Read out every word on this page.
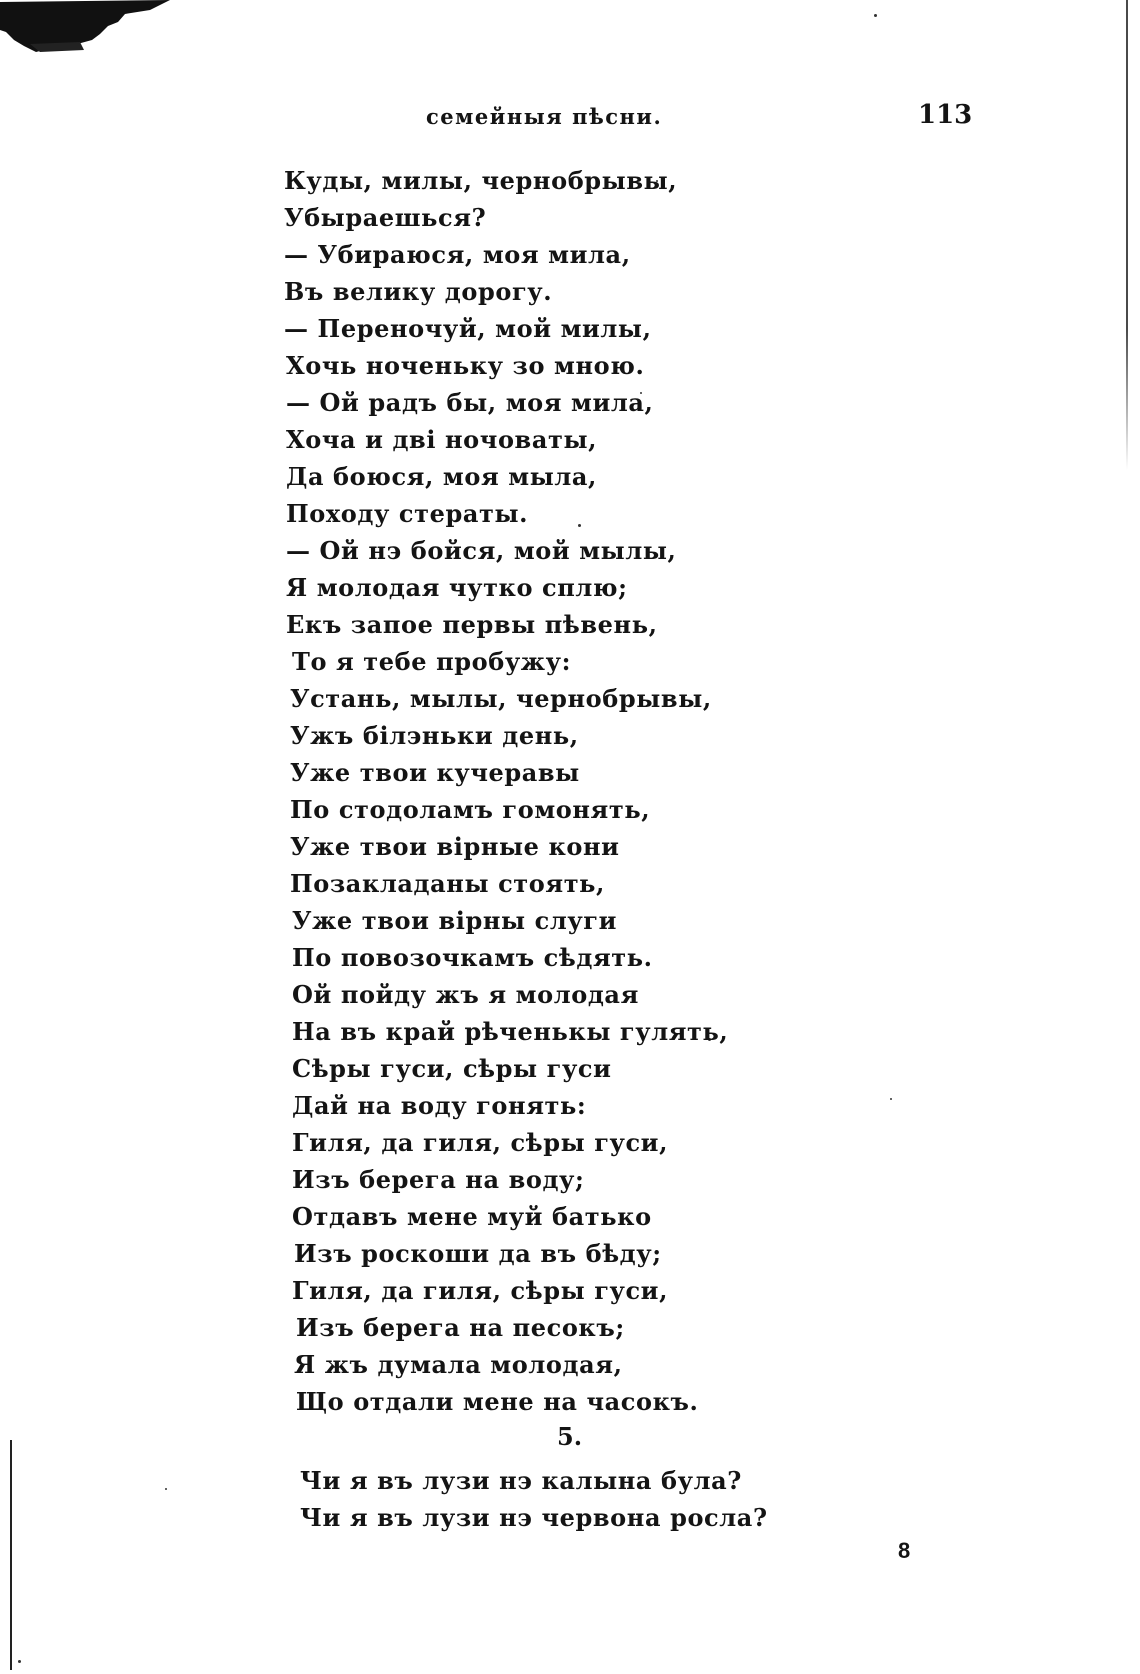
семейныя пѣсни.	113
Куды, милы, чернобрывы,
Убыраешься?
— Убираюся, моя мила,
Въ велику дорогу.
— Переночуй, мой милы,
Хочь ноченьку зо мною.
— Ой радъ бы, моя мила,
Хоча и дві ночоваты,
Да боюся, моя мыла,
Походу стераты.
— Ой нэ бойся, мой мылы,
Я молодая чутко сплю;
Екъ запое первы пѣвень,
То я тебе пробужу:
Устань, мылы, чернобрывы,
Ужъ білэньки день,
Уже твои кучеравы
По стодоламъ гомонять,
Уже твои вірные кони
Позакладаны стоять,
Уже твои вірны слуги
По повозочкамъ сѣдять.
Ой пойду жъ я молодая
На въ край рѣченькы гулять,
Сѣры гуси, сѣры гуси
Дай на воду гонять:
Гиля, да гиля, сѣры гуси,
Изъ берега на воду;
Отдавъ мене муй батько
Изъ роскоши да въ бѣду;
Гиля, да гиля, сѣры гуси,
Изъ берега на песокъ;
Я жъ думала молодая,
Що отдали мене на часокъ.
5.
Чи я въ лузи нэ калына була?
Чи я въ лузи нэ червона росла?
8
